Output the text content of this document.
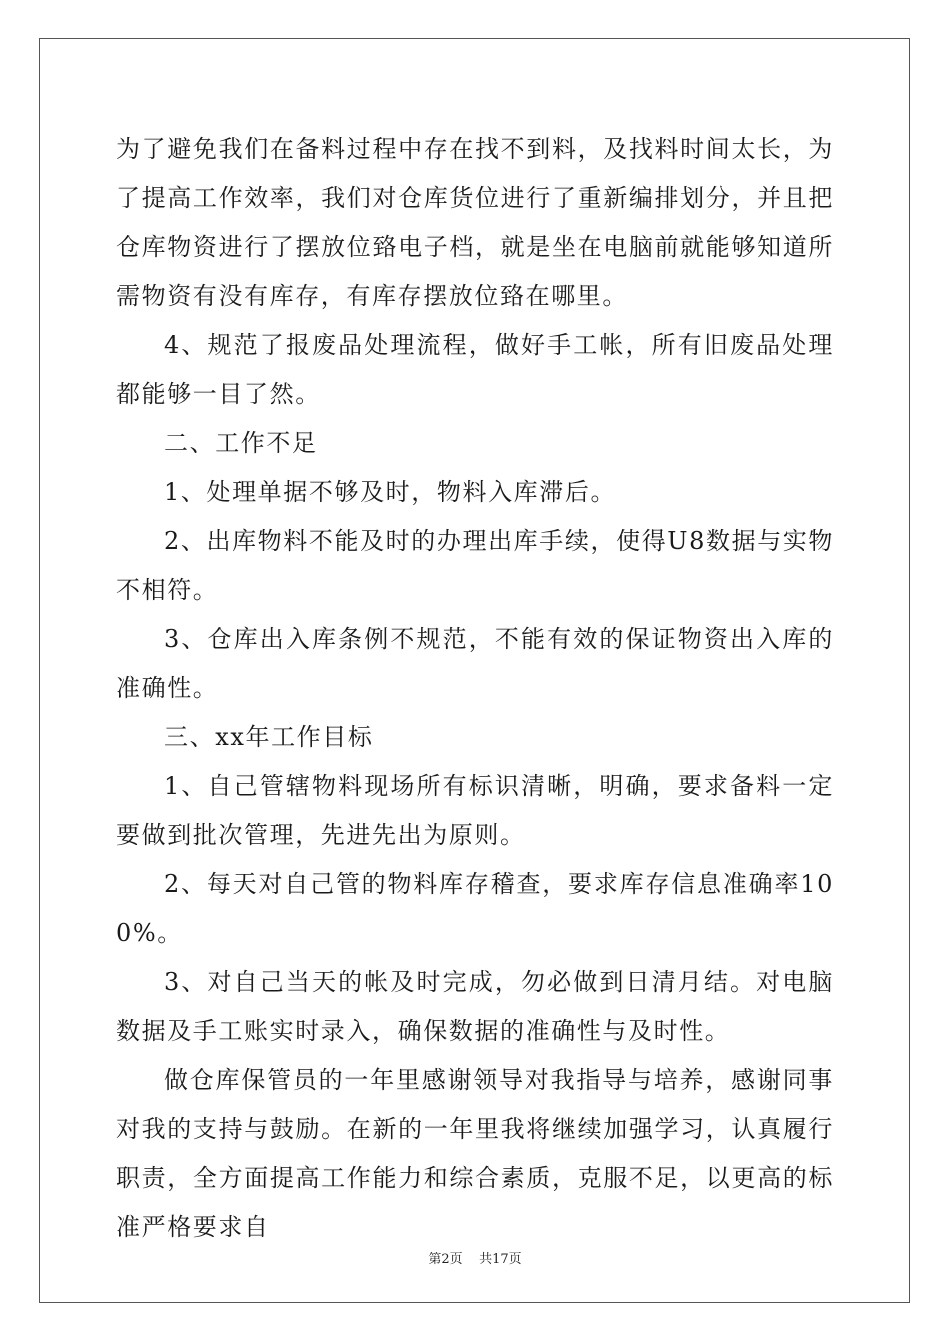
为了避免我们在备料过程中存在找不到料，及找料时间太长，为了提高工作效率，我们对仓库货位进行了重新编排划分，并且把仓库物资进行了摆放位臵电子档，就是坐在电脑前就能够知道所需物资有没有库存，有库存摆放位臵在哪里。

4、规范了报废品处理流程，做好手工帐，所有旧废品处理都能够一目了然。

二、工作不足

1、处理单据不够及时，物料入库滞后。

2、出库物料不能及时的办理出库手续，使得U8数据与实物不相符。

3、仓库出入库条例不规范，不能有效的保证物资出入库的准确性。

三、xx年工作目标

1、自己管辖物料现场所有标识清晰，明确，要求备料一定要做到批次管理，先进先出为原则。

2、每天对自己管的物料库存稽查，要求库存信息准确率100%。

3、对自己当天的帐及时完成，勿必做到日清月结。对电脑数据及手工账实时录入，确保数据的准确性与及时性。

做仓库保管员的一年里感谢领导对我指导与培养，感谢同事对我的支持与鼓励。在新的一年里我将继续加强学习，认真履行职责，全方面提高工作能力和综合素质，克服不足，以更高的标准严格要求自

第2页 共17页
